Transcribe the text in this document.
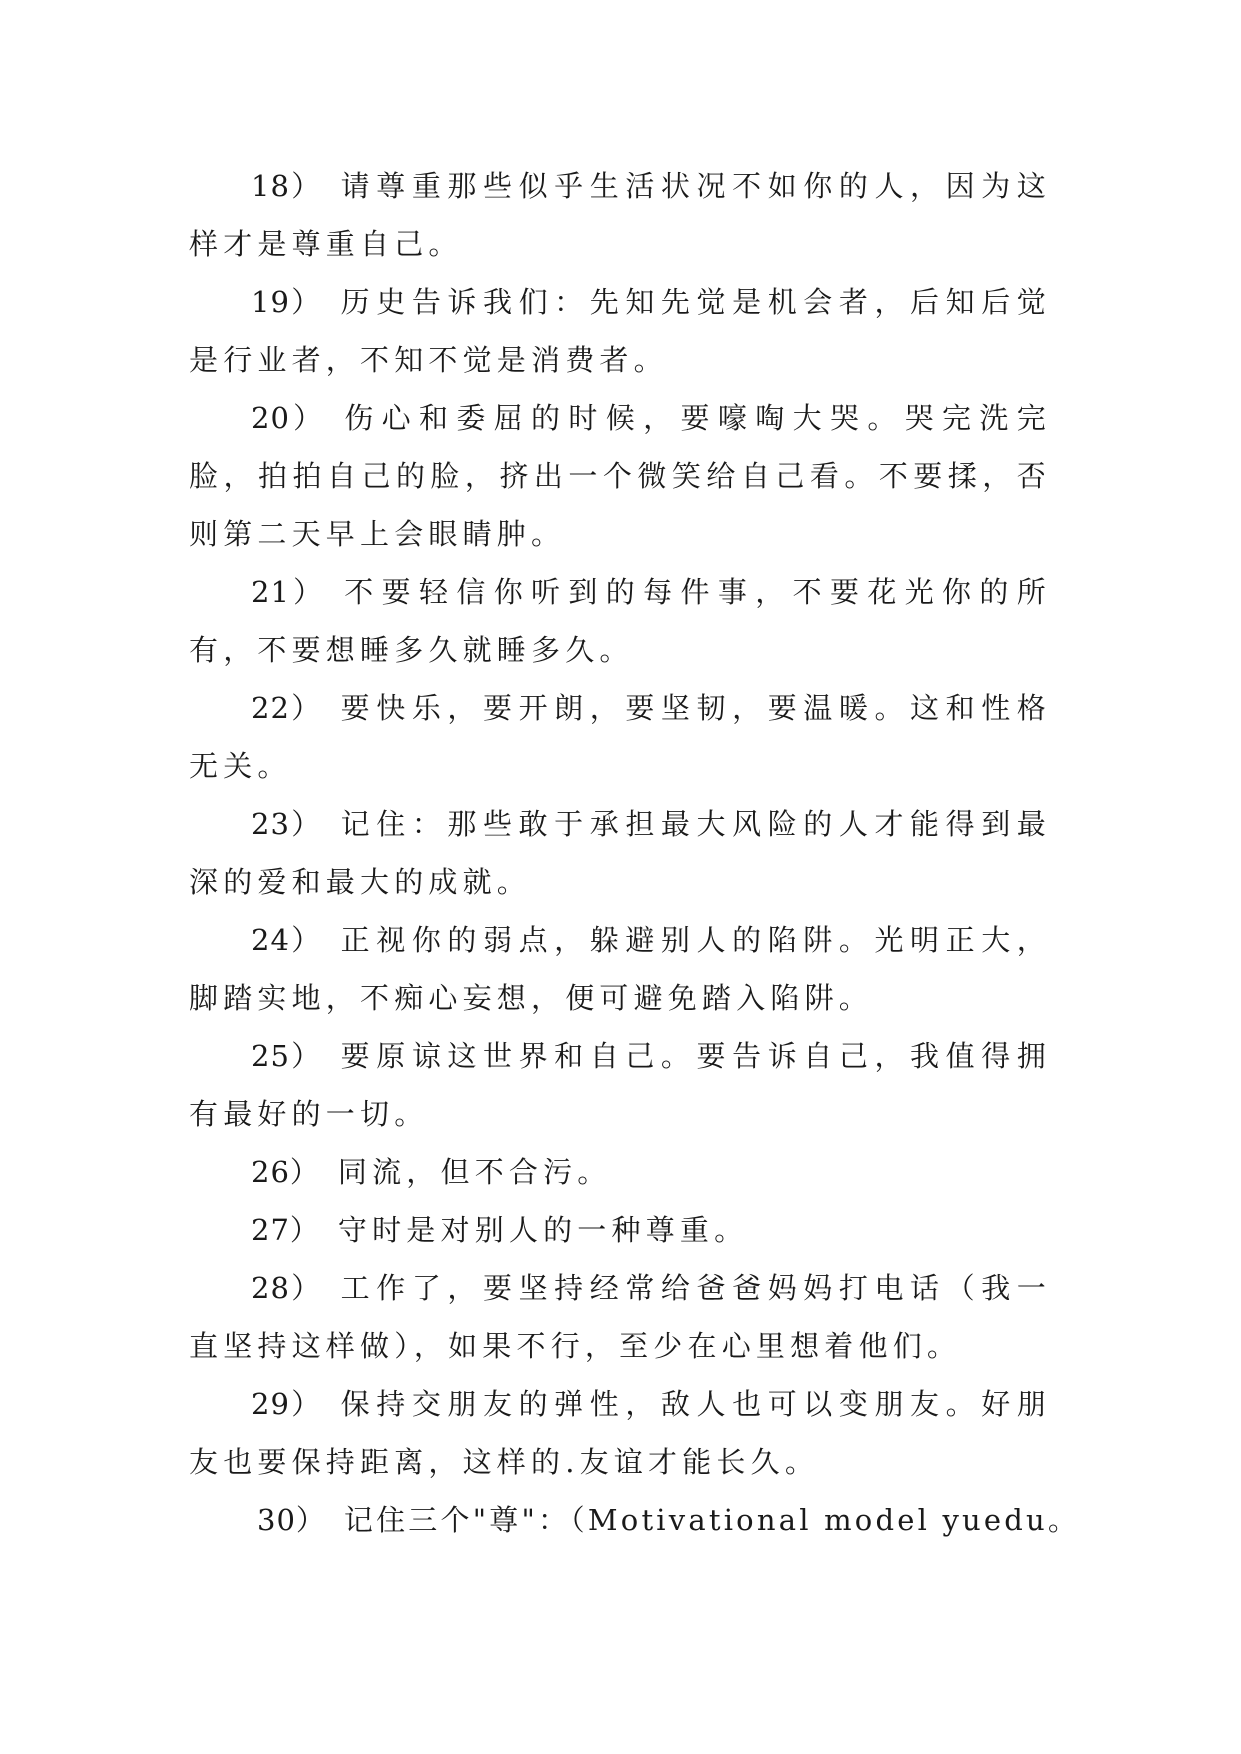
18） 请尊重那些似乎生活状况不如你的人，因为这样才是尊重自己。

19） 历史告诉我们：先知先觉是机会者，后知后觉是行业者，不知不觉是消费者。

20） 伤心和委屈的时候，要嚎啕大哭。哭完洗完脸，拍拍自己的脸，挤出一个微笑给自己看。不要揉，否则第二天早上会眼睛肿。

21） 不要轻信你听到的每件事，不要花光你的所有，不要想睡多久就睡多久。

22） 要快乐，要开朗，要坚韧，要温暖。这和性格无关。

23） 记住：那些敢于承担最大风险的人才能得到最深的爱和最大的成就。

24） 正视你的弱点，躲避别人的陷阱。光明正大，脚踏实地，不痴心妄想，便可避免踏入陷阱。

25） 要原谅这世界和自己。要告诉自己，我值得拥有最好的一切。

26） 同流，但不合污。

27） 守时是对别人的一种尊重。

28） 工作了，要坚持经常给爸爸妈妈打电话（我一直坚持这样做），如果不行，至少在心里想着他们。

29） 保持交朋友的弹性，敌人也可以变朋友。好朋友也要保持距离，这样的.友谊才能长久。

30） 记住三个"尊"：（Motivational model yuedu。
